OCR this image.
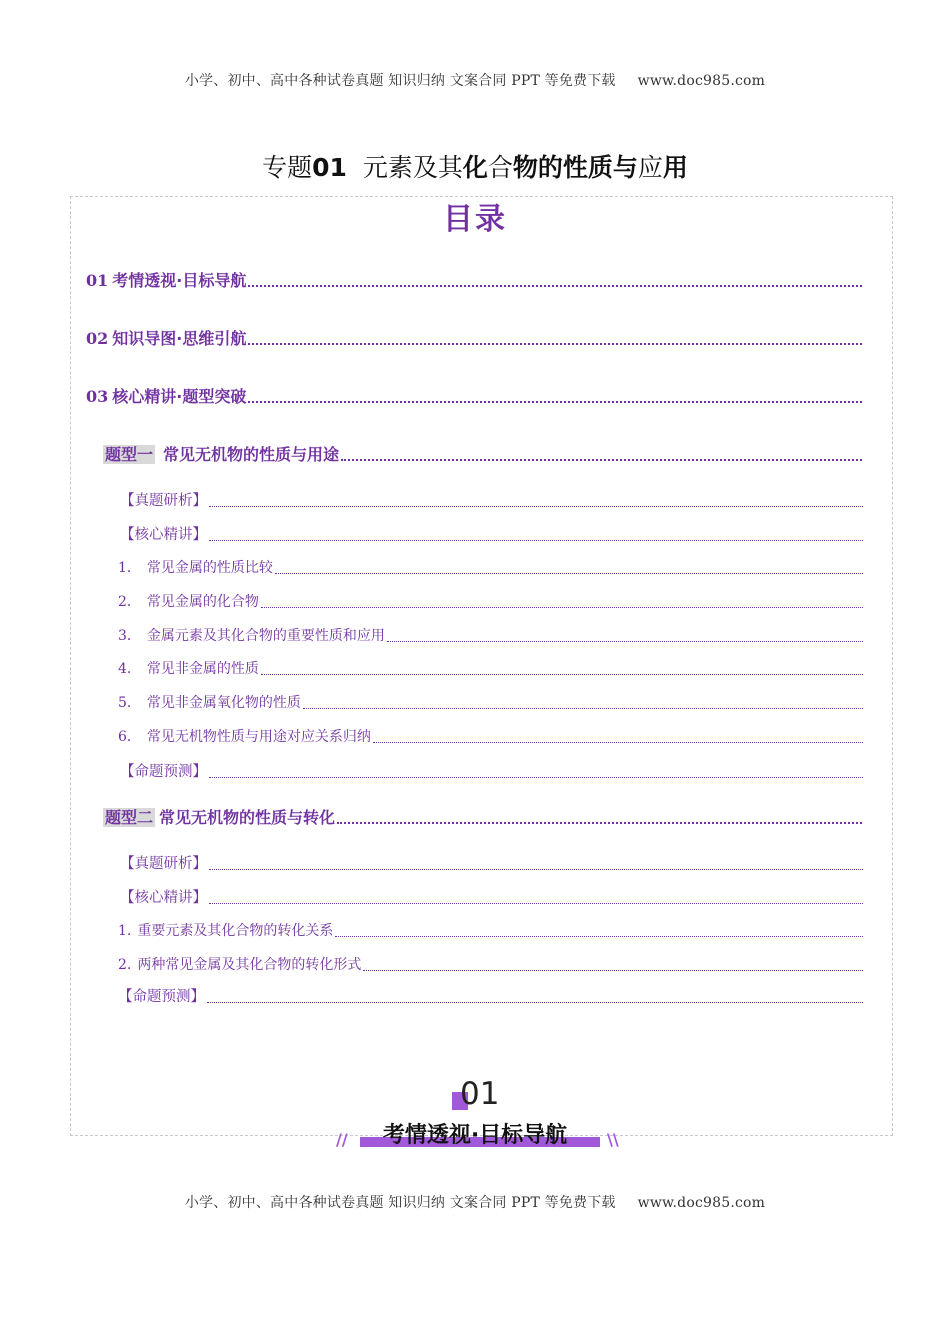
小学、初中、高中各种试卷真题 知识归纳 文案合同 PPT 等免费下载 www.doc985.com
专题01 元素及其化合物的性质与应用
目录
01 考情透视·目标导航
02 知识导图·思维引航
03 核心精讲·题型突破
题型一 常见无机物的性质与用途
【真题研析】
【核心精讲】
1． 常见金属的性质比较
2． 常见金属的化合物
3． 金属元素及其化合物的重要性质和应用
4． 常见非金属的性质
5． 常见非金属氧化物的性质
6． 常见无机物性质与用途对应关系归纳
【命题预测】
题型二 常见无机物的性质与转化
【真题研析】
【核心精讲】
1. 重要元素及其化合物的转化关系
2. 两种常见金属及其化合物的转化形式
【命题预测】
01
考情透视·目标导航
//	\\
小学、初中、高中各种试卷真题 知识归纳 文案合同 PPT 等免费下载 www.doc985.com
